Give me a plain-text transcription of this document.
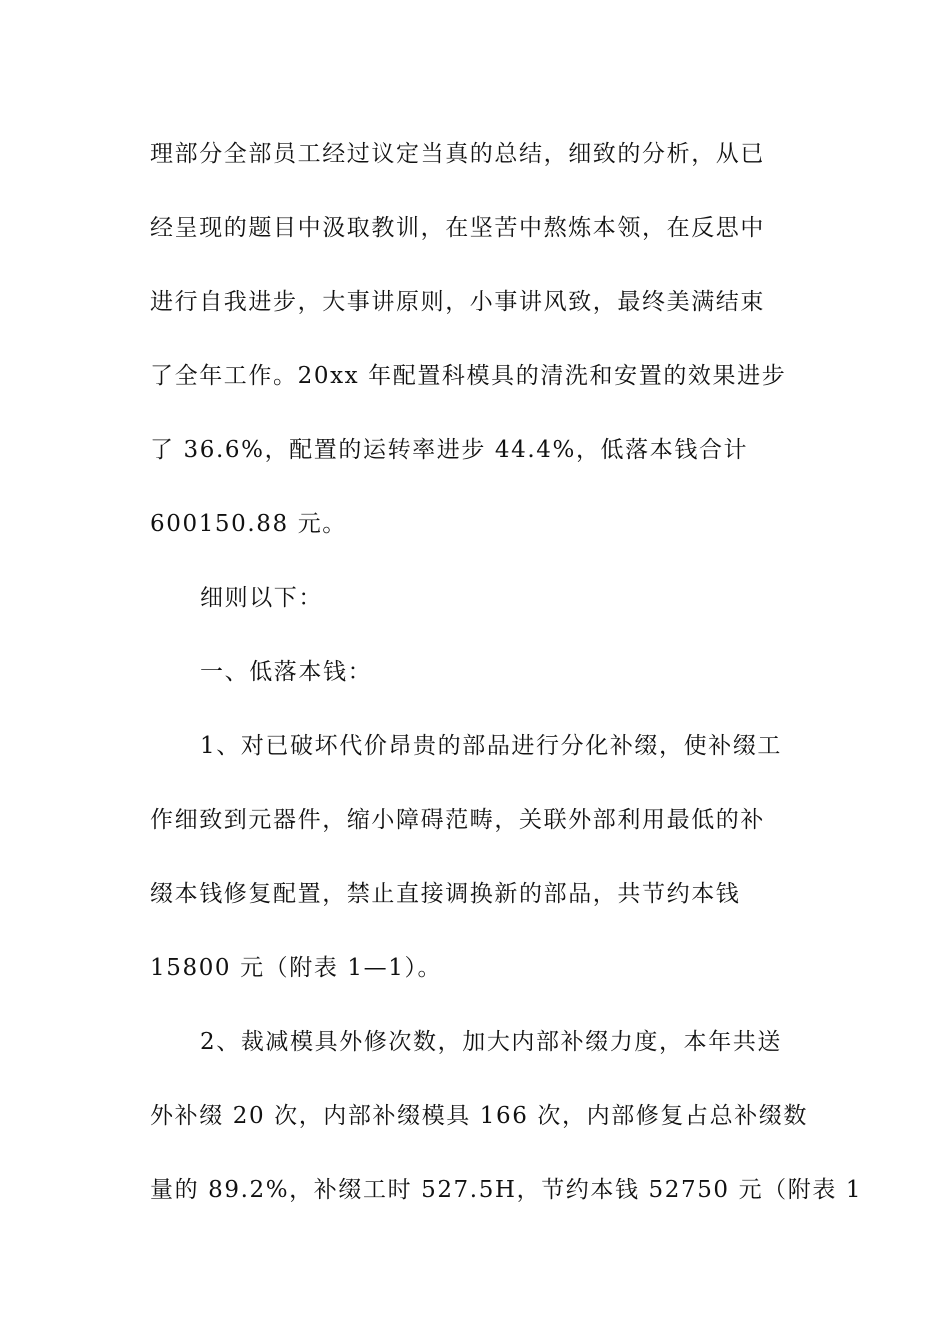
理部分全部员工经过议定当真的总结，细致的分析，从已
经呈现的题目中汲取教训，在坚苦中熬炼本领，在反思中
进行自我进步，大事讲原则，小事讲风致，最终美满结束
了全年工作。20xx 年配置科模具的清洗和安置的效果进步
了 36.6%，配置的运转率进步 44.4%，低落本钱合计
600150.88 元。
细则以下：
一、低落本钱：
1、对已破坏代价昂贵的部品进行分化补缀，使补缀工
作细致到元器件，缩小障碍范畴，关联外部利用最低的补
缀本钱修复配置，禁止直接调换新的部品，共节约本钱
15800 元（附表 1—1）。
2、裁减模具外修次数，加大内部补缀力度，本年共送
外补缀 20 次，内部补缀模具 166 次，内部修复占总补缀数
量的 89.2%，补缀工时 527.5H，节约本钱 52750 元（附表 1
